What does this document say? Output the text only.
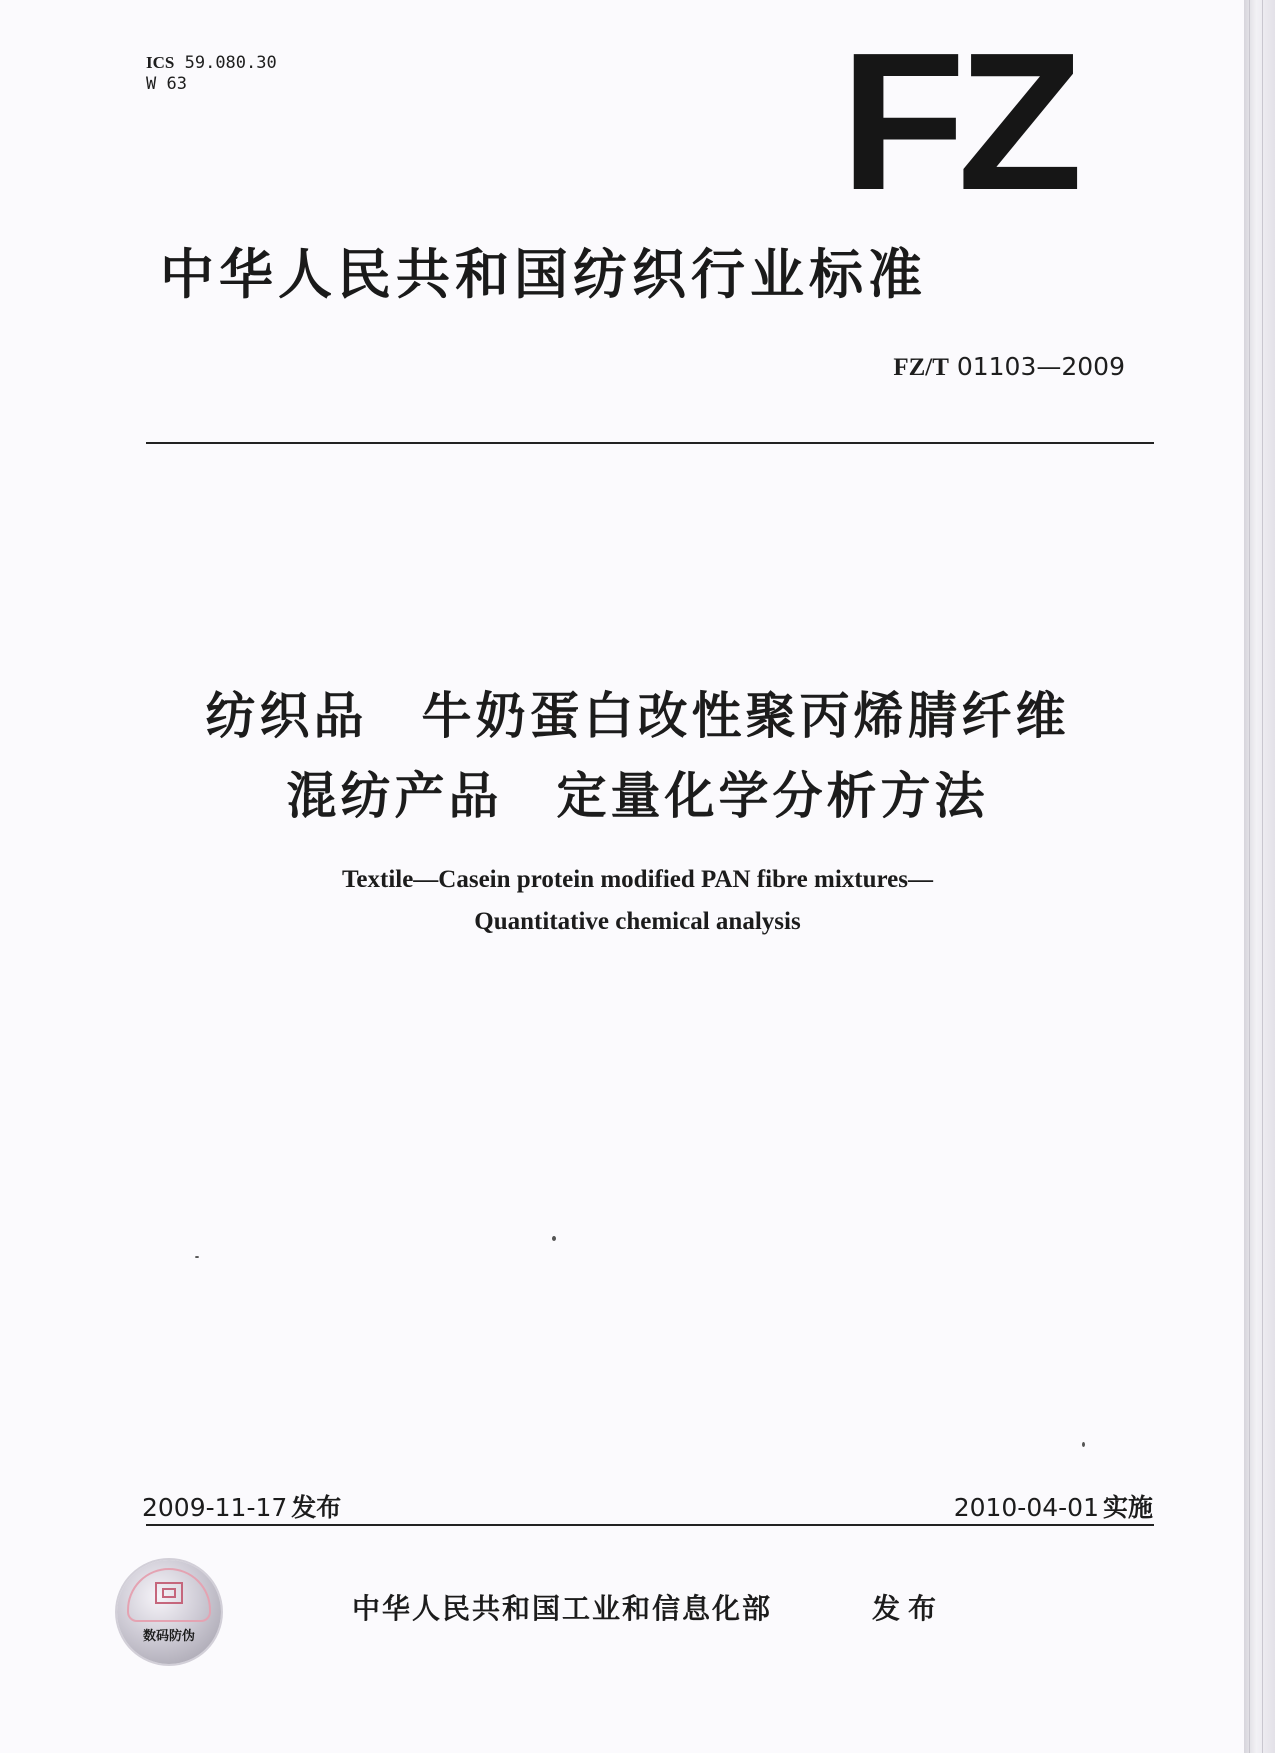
ICS 59.080.30
W 63	FZ
中华人民共和国纺织行业标准
FZ/T 01103—2009
纺织品　牛奶蛋白改性聚丙烯腈纤维
混纺产品　定量化学分析方法
Textile—Casein protein modified PAN fibre mixtures—
Quantitative chemical analysis
2009-11-17 发布	2010-04-01 实施
数码防伪
中华人民共和国工业和信息化部	发布
